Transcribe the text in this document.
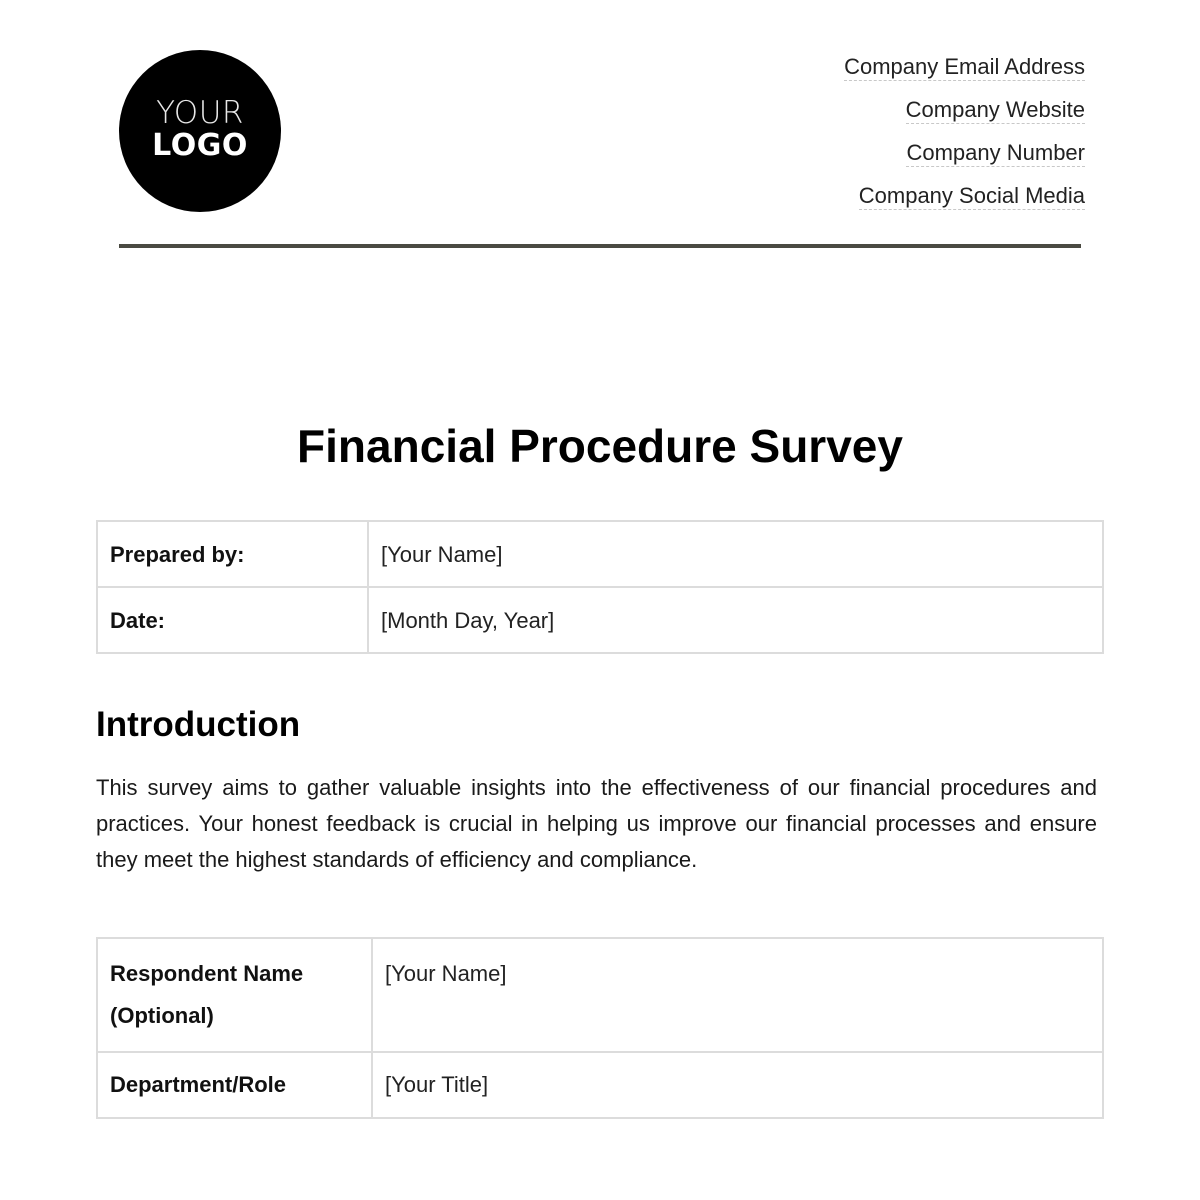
YOUR
LOGO
Company Email Address
Company Website
Company Number
Company Social Media
Financial Procedure Survey
Prepared by:	[Your Name]
Date:	[Month Day, Year]
Introduction

This survey aims to gather valuable insights into the effectiveness of our financial procedures and practices. Your honest feedback is crucial in helping us improve our financial processes and ensure they meet the highest standards of efficiency and compliance.

Respondent Name (Optional)	[Your Name]
Department/Role	[Your Title]
